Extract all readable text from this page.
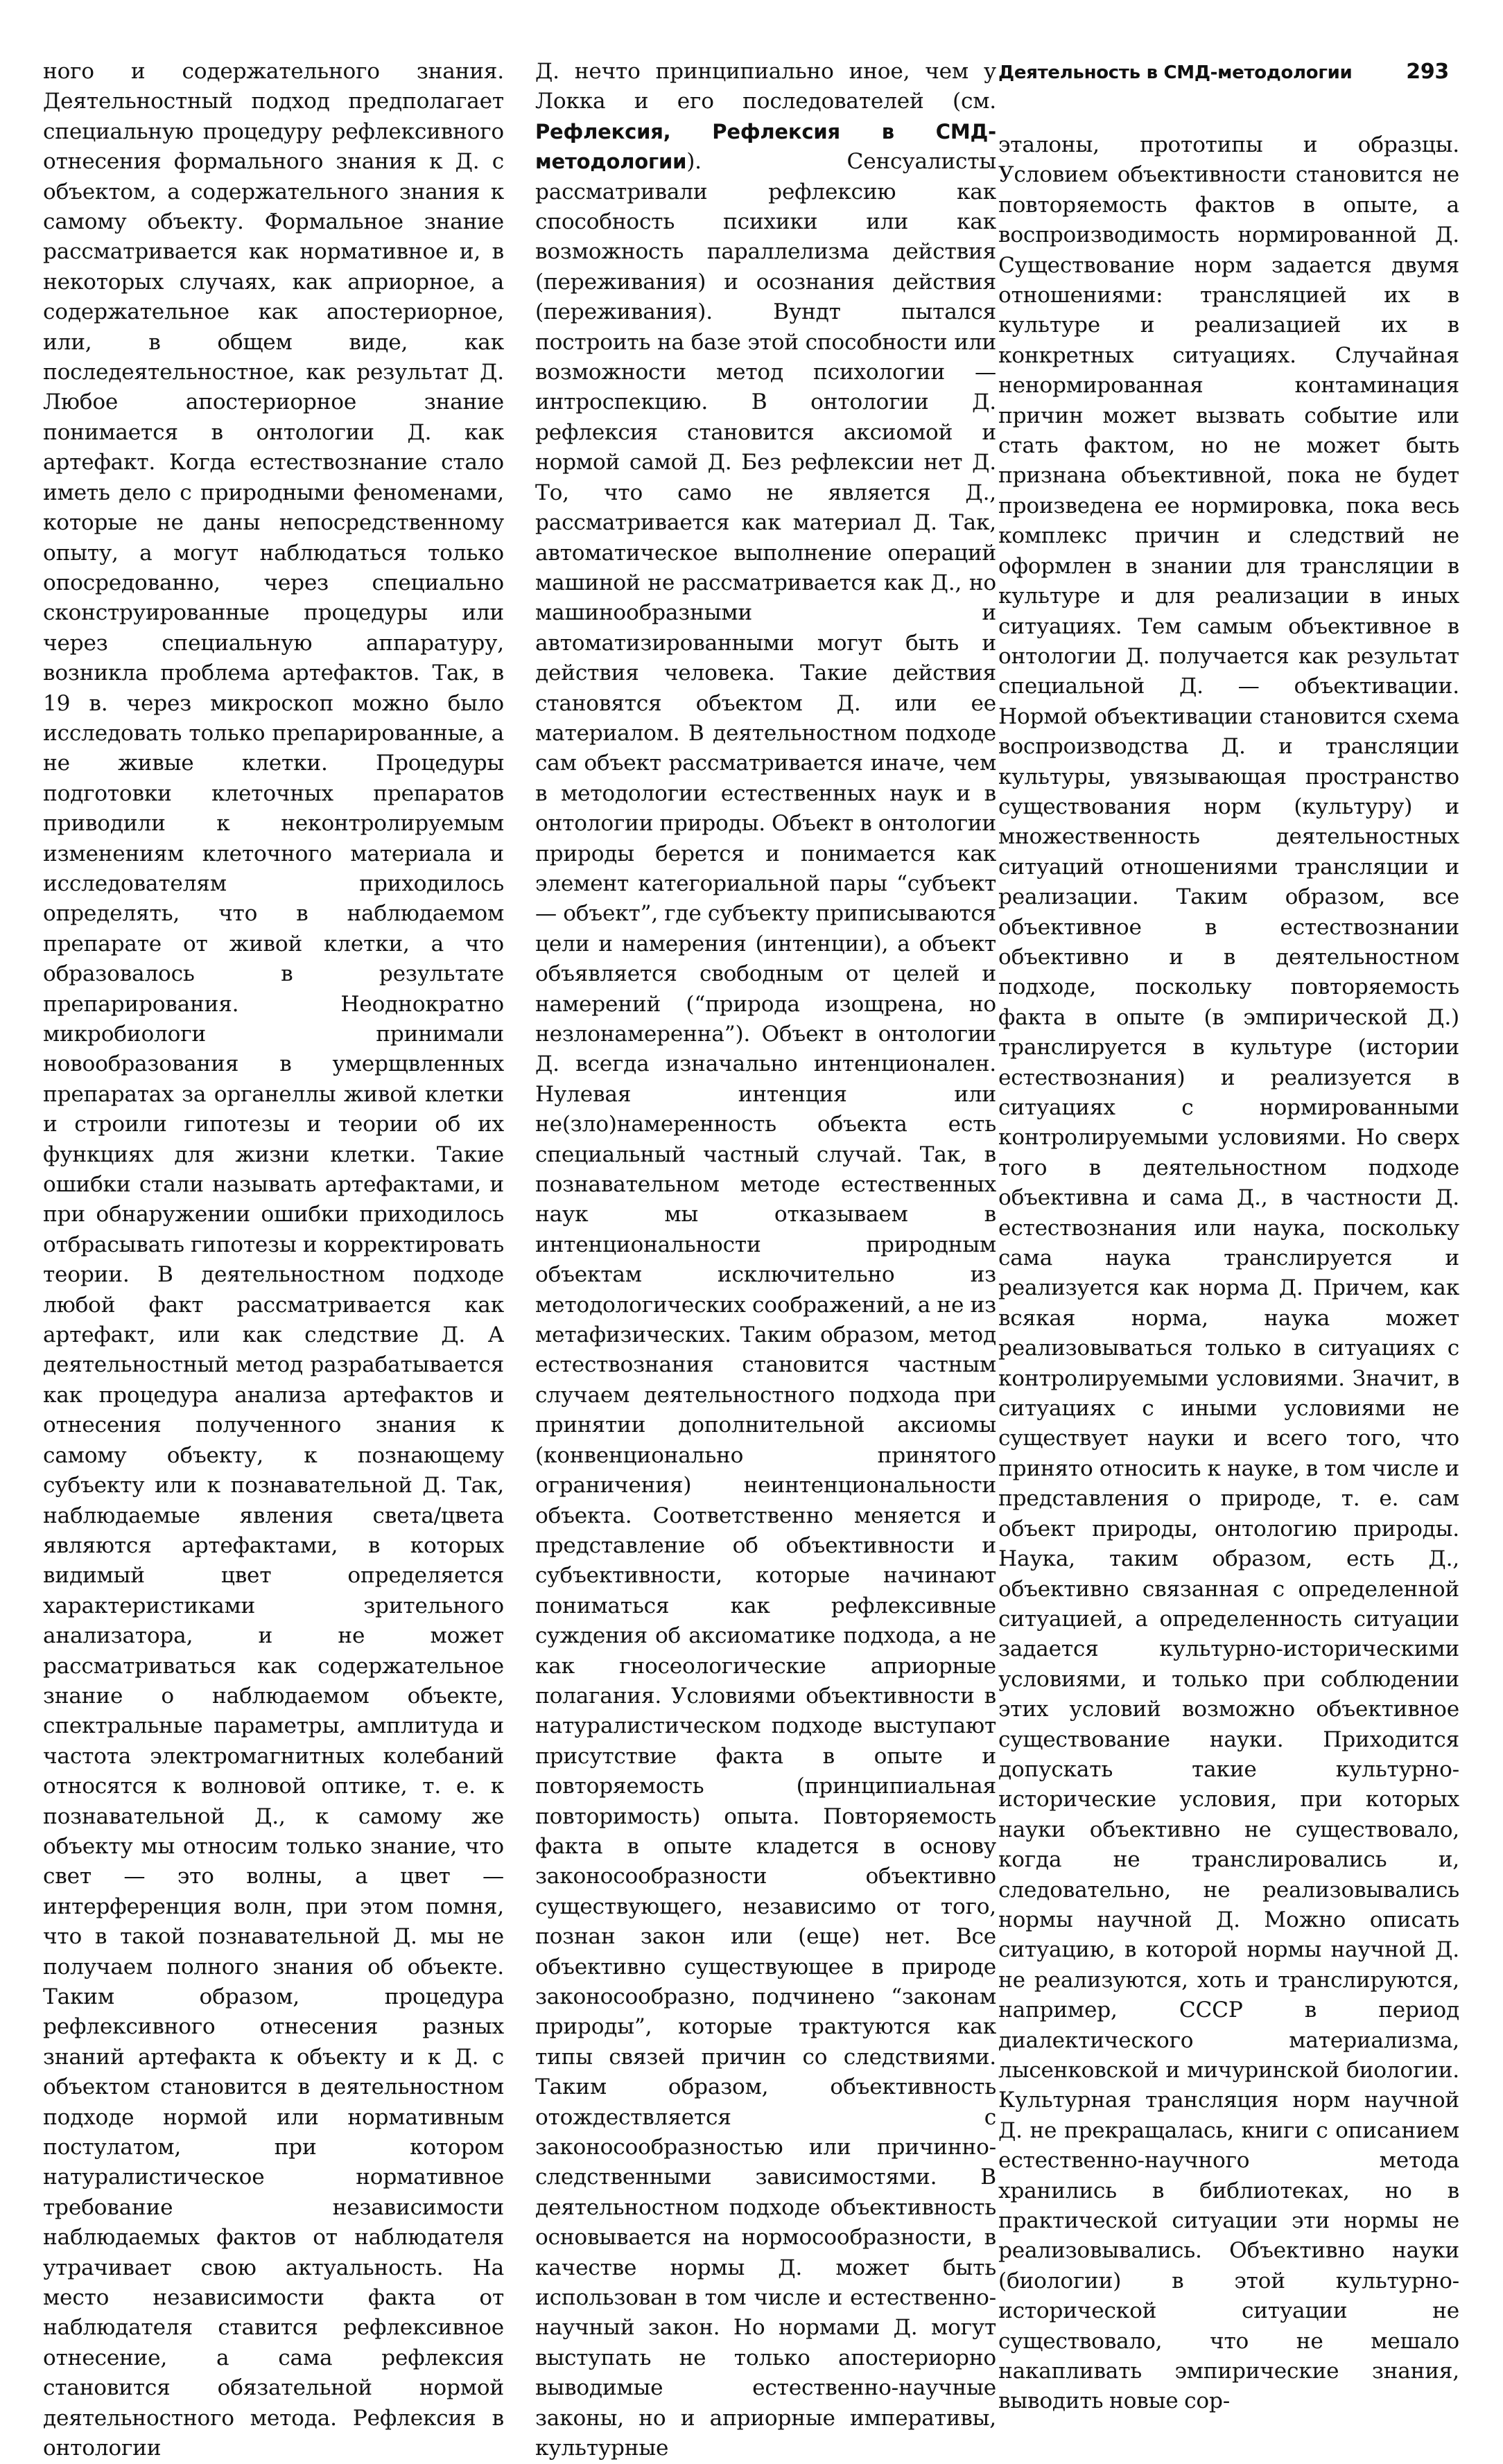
Деятельность в СМД-методологии	293

ного и содержательного знания. Деятельностный подход предполагает специальную процедуру рефлексивного отнесения формального знания к Д. с объектом, а содержательного знания к самому объекту. Формальное знание рассматривается как нормативное и, в некоторых случаях, как априорное, а содержательное как апостериорное, или, в общем виде, как последеятельностное, как результат Д. Любое апостериорное знание понимается в онтологии Д. как артефакт. Когда естествознание стало иметь дело с природными феноменами, которые не даны непосредственному опыту, а могут наблюдаться только опосредованно, через специально сконструированные процедуры или через специальную аппаратуру, возникла проблема артефактов. Так, в 19 в. через микроскоп можно было исследовать только препарированные, а не живые клетки. Процедуры подготовки клеточных препаратов приводили к неконтролируемым изменениям клеточного материала и исследователям приходилось определять, что в наблюдаемом препарате от живой клетки, а что образовалось в результате препарирования. Неоднократно микробиологи принимали новообразования в умерщвленных препаратах за органеллы живой клетки и строили гипотезы и теории об их функциях для жизни клетки. Такие ошибки стали называть артефактами, и при обнаружении ошибки приходилось отбрасывать гипотезы и корректировать теории. В деятельностном подходе любой факт рассматривается как артефакт, или как следствие Д. А деятельностный метод разрабатывается как процедура анализа артефактов и отнесения полученного знания к самому объекту, к познающему субъекту или к познавательной Д. Так, наблюдаемые явления света/цвета являются артефактами, в которых видимый цвет определяется характеристиками зрительного анализатора, и не может рассматриваться как содержательное знание о наблюдаемом объекте, спектральные параметры, амплитуда и частота электромагнитных колебаний относятся к волновой оптике, т. е. к познавательной Д., к самому же объекту мы относим только знание, что свет — это волны, а цвет — интерференция волн, при этом помня, что в такой познавательной Д. мы не получаем полного знания об объекте. Таким образом, процедура рефлексивного отнесения разных знаний артефакта к объекту и к Д. с объектом становится в деятельностном подходе нормой или нормативным постулатом, при котором натуралистическое нормативное требование независимости наблюдаемых фактов от наблюдателя утрачивает свою актуальность. На место независимости факта от наблюдателя ставится рефлексивное отнесение, а сама рефлексия становится обязательной нормой деятельностного метода. Рефлексия в онтологии

Д. нечто принципиально иное, чем у Локка и его последователей (см. Рефлексия, Рефлексия в СМД-методологии). Сенсуалисты рассматривали рефлексию как способность психики или как возможность параллелизма действия (переживания) и осознания действия (переживания). Вундт пытался построить на базе этой способности или возможности метод психологии — интроспекцию. В онтологии Д. рефлексия становится аксиомой и нормой самой Д. Без рефлексии нет Д. То, что само не является Д., рассматривается как материал Д. Так, автоматическое выполнение операций машиной не рассматривается как Д., но машинообразными и автоматизированными могут быть и действия человека. Такие действия становятся объектом Д. или ее материалом. В деятельностном подходе сам объект рассматривается иначе, чем в методологии естественных наук и в онтологии природы. Объект в онтологии природы берется и понимается как элемент категориальной пары “субъект — объект”, где субъекту приписываются цели и намерения (интенции), а объект объявляется свободным от целей и намерений (“природа изощрена, но незлонамеренна”). Объект в онтологии Д. всегда изначально интенционален. Нулевая интенция или не(зло)намеренность объекта есть специальный частный случай. Так, в познавательном методе естественных наук мы отказываем в интенциональности природным объектам исключительно из методологических соображений, а не из метафизических. Таким образом, метод естествознания становится частным случаем деятельностного подхода при принятии дополнительной аксиомы (конвенционально принятого ограничения) неинтенциональности объекта. Соответственно меняется и представление об объективности и субъективности, которые начинают пониматься как рефлексивные суждения об аксиоматике подхода, а не как гносеологические априорные полагания. Условиями объективности в натуралистическом подходе выступают присутствие факта в опыте и повторяемость (принципиальная повторимость) опыта. Повторяемость факта в опыте кладется в основу законосообразности объективно существующего, независимо от того, познан закон или (еще) нет. Все объективно существующее в природе законосообразно, подчинено “законам природы”, которые трактуются как типы связей причин со следствиями. Таким образом, объективность отождествляется с законосообразностью или причинно-следственными зависимостями. В деятельностном подходе объективность основывается на нормосообразности, в качестве нормы Д. может быть использован в том числе и естественно-научный закон. Но нормами Д. могут выступать не только апостериорно выводимые естественно-научные законы, но и априорные императивы, культурные

эталоны, прототипы и образцы. Условием объективности становится не повторяемость фактов в опыте, а воспроизводимость нормированной Д. Существование норм задается двумя отношениями: трансляцией их в культуре и реализацией их в конкретных ситуациях. Случайная ненормированная контаминация причин может вызвать событие или стать фактом, но не может быть признана объективной, пока не будет произведена ее нормировка, пока весь комплекс причин и следствий не оформлен в знании для трансляции в культуре и для реализации в иных ситуациях. Тем самым объективное в онтологии Д. получается как результат специальной Д. — объективации. Нормой объективации становится схема воспроизводства Д. и трансляции культуры, увязывающая пространство существования норм (культуру) и множественность деятельностных ситуаций отношениями трансляции и реализации. Таким образом, все объективное в естествознании объективно и в деятельностном подходе, поскольку повторяемость факта в опыте (в эмпирической Д.) транслируется в культуре (истории естествознания) и реализуется в ситуациях с нормированными контролируемыми условиями. Но сверх того в деятельностном подходе объективна и сама Д., в частности Д. естествознания или наука, поскольку сама наука транслируется и реализуется как норма Д. Причем, как всякая норма, наука может реализовываться только в ситуациях с контролируемыми условиями. Значит, в ситуациях с иными условиями не существует науки и всего того, что принято относить к науке, в том числе и представления о природе, т. е. сам объект природы, онтологию природы. Наука, таким образом, есть Д., объективно связанная с определенной ситуацией, а определенность ситуации задается культурно-историческими условиями, и только при соблюдении этих условий возможно объективное существование науки. Приходится допускать такие культурно-исторические условия, при которых науки объективно не существовало, когда не транслировались и, следовательно, не реализовывались нормы научной Д. Можно описать ситуацию, в которой нормы научной Д. не реализуются, хоть и транслируются, например, СССР в период диалектического материализма, лысенковской и мичуринской биологии. Культурная трансляция норм научной Д. не прекращалась, книги с описанием естественно-научного метода хранились в библиотеках, но в практической ситуации эти нормы не реализовывались. Объективно науки (биологии) в этой культурно-исторической ситуации не существовало, что не мешало накапливать эмпирические знания, выводить новые сор-
